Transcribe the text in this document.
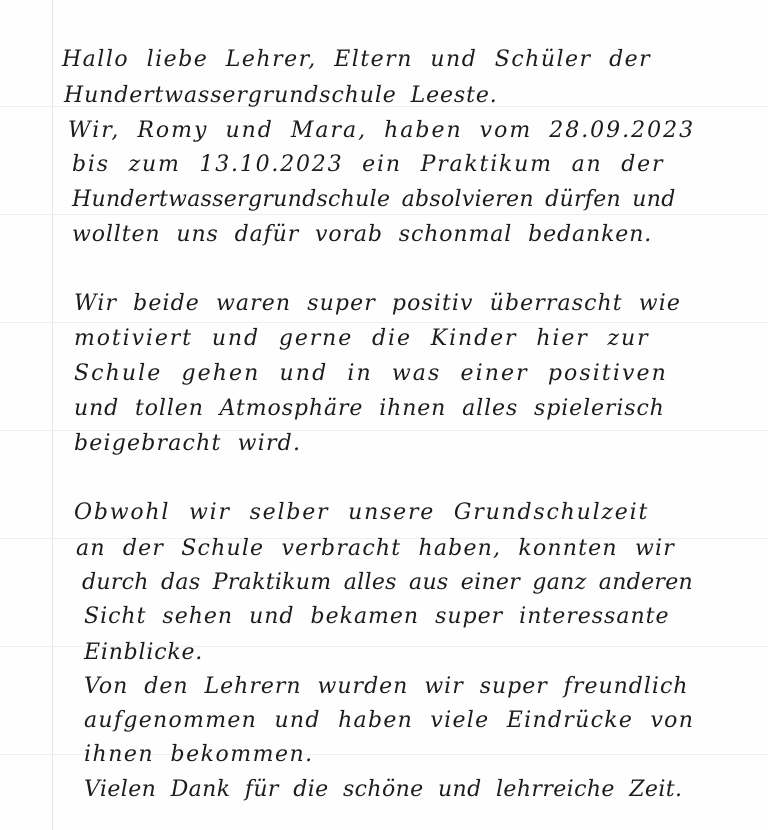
Hallo liebe Lehrer, Eltern und Schüler der
Hundertwassergrundschule Leeste.
Wir, Romy und Mara, haben vom 28.09.2023
bis zum 13.10.2023 ein Praktikum an der
Hundertwassergrundschule absolvieren dürfen und
wollten uns dafür vorab schonmal bedanken.
Wir beide waren super positiv überrascht wie
motiviert und gerne die Kinder hier zur
Schule gehen und in was einer positiven
und tollen Atmosphäre ihnen alles spielerisch
beigebracht wird.
Obwohl wir selber unsere Grundschulzeit
an der Schule verbracht haben, konnten wir
durch das Praktikum alles aus einer ganz anderen
Sicht sehen und bekamen super interessante
Einblicke.
Von den Lehrern wurden wir super freundlich
aufgenommen und haben viele Eindrücke von
ihnen bekommen.
Vielen Dank für die schöne und lehrreiche Zeit.
